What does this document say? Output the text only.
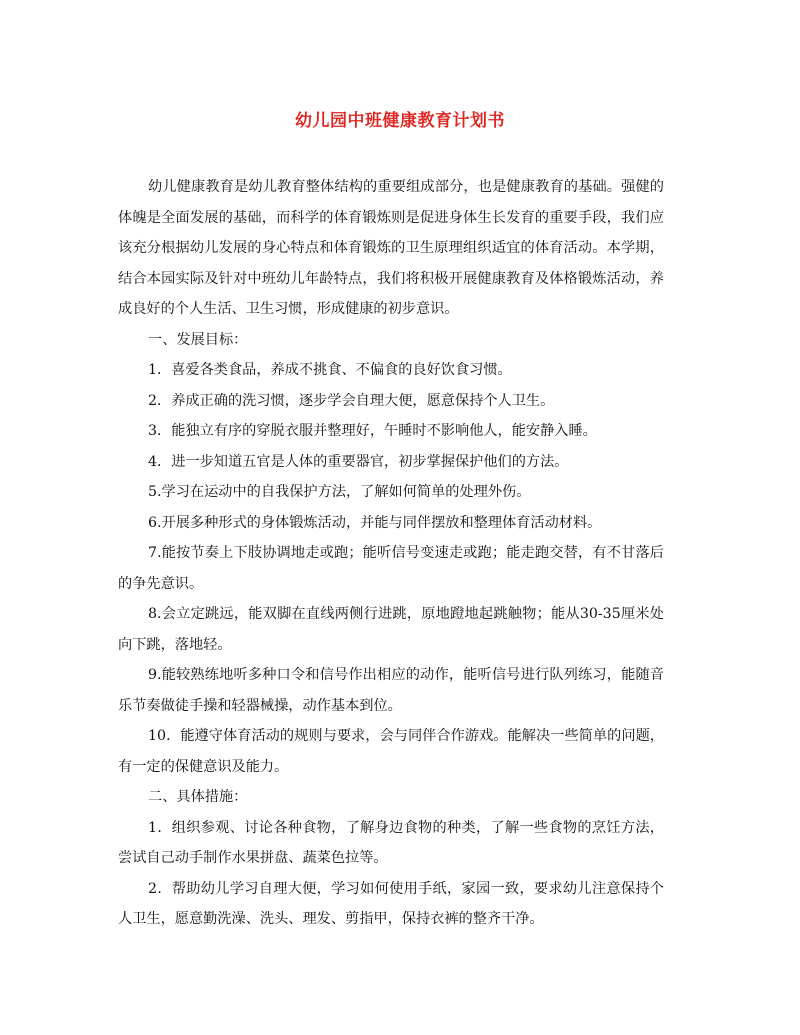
幼儿园中班健康教育计划书

幼儿健康教育是幼儿教育整体结构的重要组成部分，也是健康教育的基础。强健的体魄是全面发展的基础，而科学的体育锻炼则是促进身体生长发育的重要手段，我们应该充分根据幼儿发展的身心特点和体育锻炼的卫生原理组织适宜的体育活动。本学期，结合本园实际及针对中班幼儿年龄特点，我们将积极开展健康教育及体格锻炼活动，养成良好的个人生活、卫生习惯，形成健康的初步意识。

一、发展目标：

1．喜爱各类食品，养成不挑食、不偏食的良好饮食习惯。

2．养成正确的洗习惯，逐步学会自理大便，愿意保持个人卫生。

3．能独立有序的穿脱衣服并整理好，午睡时不影响他人，能安静入睡。

4．进一步知道五官是人体的重要器官，初步掌握保护他们的方法。

5.学习在运动中的自我保护方法，了解如何简单的处理外伤。

6.开展多种形式的身体锻炼活动，并能与同伴摆放和整理体育活动材料。

7.能按节奏上下肢协调地走或跑；能听信号变速走或跑；能走跑交替，有不甘落后的争先意识。

8.会立定跳远，能双脚在直线两侧行进跳，原地蹬地起跳触物；能从30-35厘米处向下跳，落地轻。

9.能较熟练地听多种口令和信号作出相应的动作，能听信号进行队列练习，能随音乐节奏做徒手操和轻器械操，动作基本到位。

10．能遵守体育活动的规则与要求，会与同伴合作游戏。能解决一些简单的问题，有一定的保健意识及能力。

二、具体措施：

1．组织参观、讨论各种食物，了解身边食物的种类，了解一些食物的烹饪方法，尝试自己动手制作水果拼盘、蔬菜色拉等。

2．帮助幼儿学习自理大便，学习如何使用手纸，家园一致，要求幼儿注意保持个人卫生，愿意勤洗澡、洗头、理发、剪指甲，保持衣裤的整齐干净。
